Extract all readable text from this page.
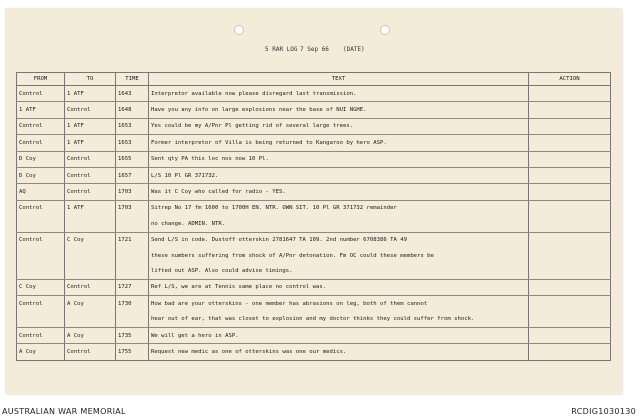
5 RAR LOG 7 Sep 66 (DATE)
FROM	TO	TIME	TEXT	ACTION
Control	1 ATF	1643	Interpretor available now please disregard last transmission.	
1 ATF	Control	1648	Have you any info on large explosions near the base of NUI NGHE.	
Control	1 ATF	1653	Yes could be my A/Pnr Pl getting rid of several large trees.	
Control	1 ATF	1653	Former interpretor of Villa is being returned to Kangaroo by hero ASP.	
D Coy	Control	1655	Sent qty PA this loc nos now 10 Pl.	
D Coy	Control	1657	L/S 10 Pl GR 371732.	
AQ	Control	1703	Was it C Coy who called for radio - YES.	
Control	1 ATF	1703	Sitrep No 17 fm 1600 to 1700H EN. NTR. OWN SIT. 10 Pl GR 371732 remainder	
			no change. ADMIN. NTR.	
Control	C Coy	1721	Send L/S in code. Dustoff otterskin 2781647 TA 109. 2nd number 6708386 TA 49	
			these numbers suffering from shock of A/Pnr detonation. Fm OC could these members be	
			lifted out ASP. Also could advise timings.	
C Coy	Control	1727	Ref L/S, we are at Tennis same place no control was.	
Control	A Coy	1730	How bad are your otterskins - one member has abrasions on leg, both of them cannot	
			hear out of ear, that was closet to explosion and my doctor thinks they could suffer from shock.	
Control	A Coy	1735	We will get a hero in ASP.	
A Coy	Control	1755	Request new medic as one of otterskins was one our medics.	
AUSTRALIAN WAR MEMORIAL	RCDIG1030130
